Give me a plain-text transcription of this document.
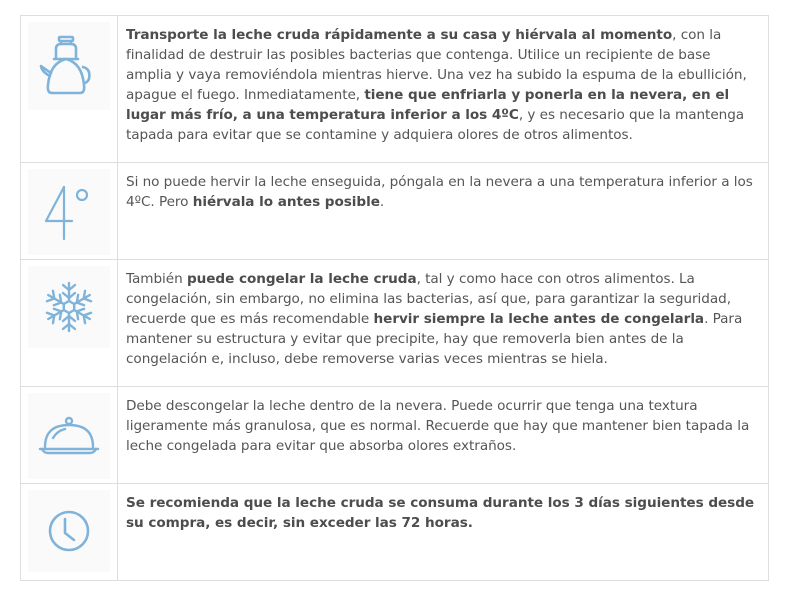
Transporte la leche cruda rápidamente a su casa y hiérvala al momento, con la finalidad de destruir las posibles bacterias que contenga. Utilice un recipiente de base amplia y vaya removiéndola mientras hierve. Una vez ha subido la espuma de la ebullición, apague el fuego. Inmediatamente, tiene que enfriarla y ponerla en la nevera, en el lugar más frío, a una temperatura inferior a los 4ºC, y es necesario que la mantenga tapada para evitar que se contamine y adquiera olores de otros alimentos.

Si no puede hervir la leche enseguida, póngala en la nevera a una temperatura inferior a los 4ºC. Pero hiérvala lo antes posible.

También puede congelar la leche cruda, tal y como hace con otros alimentos. La congelación, sin embargo, no elimina las bacterias, así que, para garantizar la seguridad, recuerde que es más recomendable hervir siempre la leche antes de congelarla. Para mantener su estructura y evitar que precipite, hay que removerla bien antes de la congelación e, incluso, debe removerse varias veces mientras se hiela.

Debe descongelar la leche dentro de la nevera. Puede ocurrir que tenga una textura ligeramente más granulosa, que es normal. Recuerde que hay que mantener bien tapada la leche congelada para evitar que absorba olores extraños.

Se recomienda que la leche cruda se consuma durante los 3 días siguientes desde su compra, es decir, sin exceder las 72 horas.
